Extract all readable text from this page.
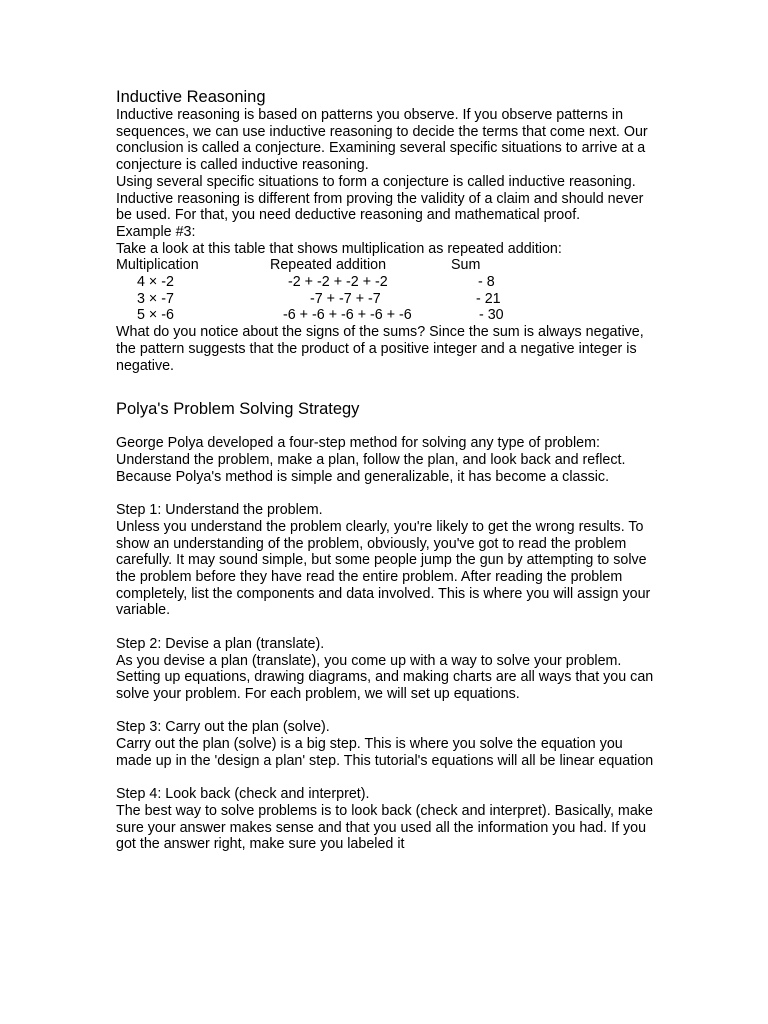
Inductive Reasoning

Inductive reasoning is based on patterns you observe. If you observe patterns in sequences, we can use inductive reasoning to decide the terms that come next. Our conclusion is called a conjecture. Examining several specific situations to arrive at a conjecture is called inductive reasoning.

Using several specific situations to form a conjecture is called inductive reasoning. Inductive reasoning is different from proving the validity of a claim and should never be used. For that, you need deductive reasoning and mathematical proof.

Example #3:

Take a look at this table that shows multiplication as repeated addition:

Multiplication	Repeated addition	Sum
4 × -2	-2 + -2 + -2 + -2	- 8
3 × -7	-7 + -7 + -7	- 21
5 × -6	-6 + -6 + -6 + -6 + -6	- 30

What do you notice about the signs of the sums? Since the sum is always negative, the pattern suggests that the product of a positive integer and a negative integer is negative.

Polya's Problem Solving Strategy

George Polya developed a four-step method for solving any type of problem: Understand the problem, make a plan, follow the plan, and look back and reflect. Because Polya's method is simple and generalizable, it has become a classic.

Step 1: Understand the problem.

Unless you understand the problem clearly, you're likely to get the wrong results. To show an understanding of the problem, obviously, you've got to read the problem carefully. It may sound simple, but some people jump the gun by attempting to solve the problem before they have read the entire problem. After reading the problem completely, list the components and data involved. This is where you will assign your variable.

Step 2: Devise a plan (translate).

As you devise a plan (translate), you come up with a way to solve your problem. Setting up equations, drawing diagrams, and making charts are all ways that you can solve your problem. For each problem, we will set up equations.

Step 3: Carry out the plan (solve).

Carry out the plan (solve) is a big step. This is where you solve the equation you made up in the 'design a plan' step. This tutorial's equations will all be linear equation

Step 4: Look back (check and interpret).

The best way to solve problems is to look back (check and interpret). Basically, make sure your answer makes sense and that you used all the information you had. If you got the answer right, make sure you labeled it
